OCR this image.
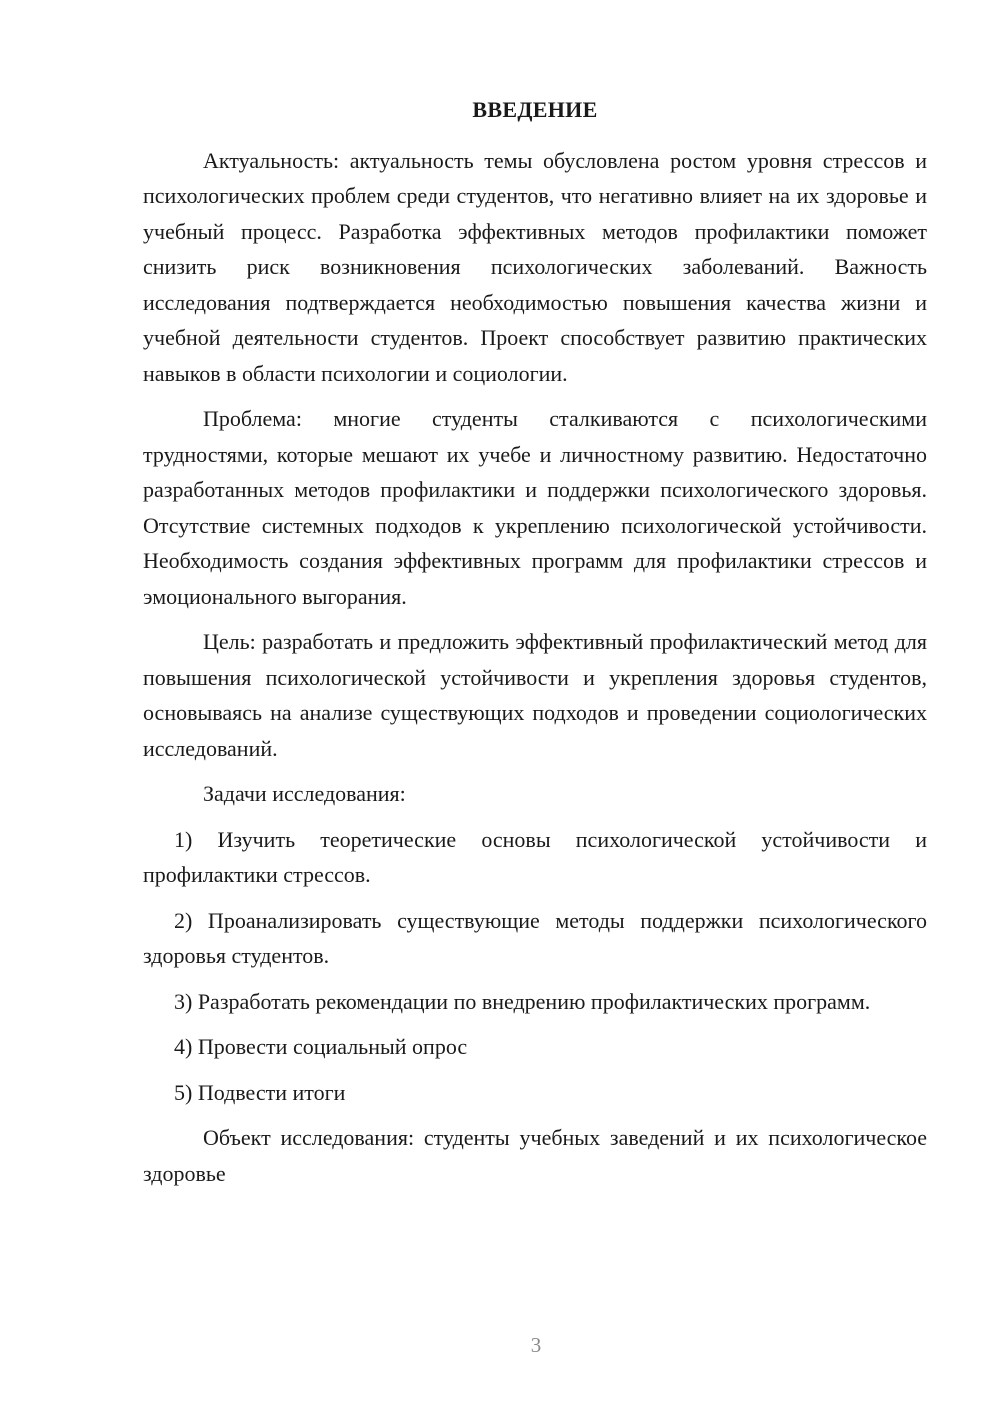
ВВЕДЕНИЕ

Актуальность: актуальность темы обусловлена ростом уровня стрессов и психологических проблем среди студентов, что негативно влияет на их здоровье и учебный процесс. Разработка эффективных методов профилактики поможет снизить риск возникновения психологических заболеваний. Важность исследования подтверждается необходимостью повышения качества жизни и учебной деятельности студентов. Проект способствует развитию практических навыков в области психологии и социологии.

Проблема: многие студенты сталкиваются с психологическими трудностями, которые мешают их учебе и личностному развитию. Недостаточно разработанных методов профилактики и поддержки психологического здоровья. Отсутствие системных подходов к укреплению психологической устойчивости. Необходимость создания эффективных программ для профилактики стрессов и эмоционального выгорания.

Цель: разработать и предложить эффективный профилактический метод для повышения психологической устойчивости и укрепления здоровья студентов, основываясь на анализе существующих подходов и проведении социологических исследований.

Задачи исследования:

1) Изучить теоретические основы психологической устойчивости и профилактики стрессов.

2) Проанализировать существующие методы поддержки психологического здоровья студентов.

3) Разработать рекомендации по внедрению профилактических программ.

4) Провести социальный опрос

5) Подвести итоги

Объект исследования: студенты учебных заведений и их психологическое здоровье

3
